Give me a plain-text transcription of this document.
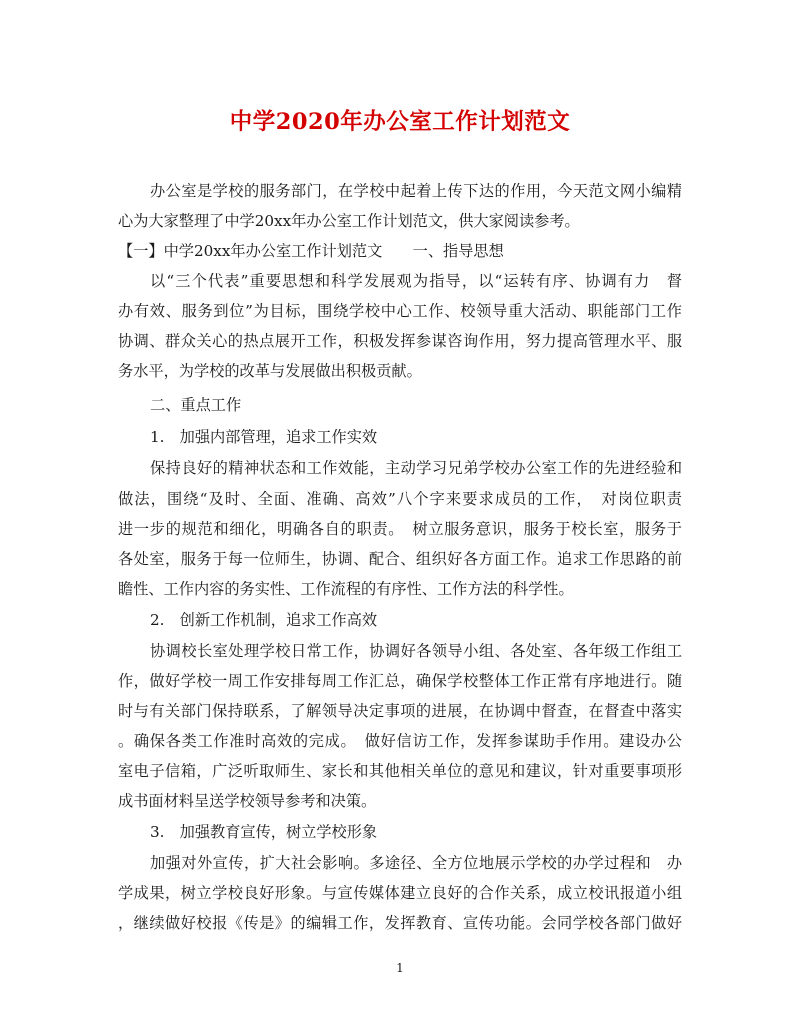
中学2020年办公室工作计划范文
办公室是学校的服务部门，在学校中起着上传下达的作用，今天范文网小编精
心为大家整理了中学20xx年办公室工作计划范文，供大家阅读参考。
【一】中学20xx年办公室工作计划范文　　一、指导思想
以“三个代表”重要思想和科学发展观为指导，以“运转有序、协调有力　督
办有效、服务到位”为目标，围绕学校中心工作、校领导重大活动、职能部门工作
协调、群众关心的热点展开工作，积极发挥参谋咨询作用，努力提高管理水平、服
务水平，为学校的改革与发展做出积极贡献。
二、重点工作
1.　加强内部管理，追求工作实效
保持良好的精神状态和工作效能，主动学习兄弟学校办公室工作的先进经验和
做法，围绕“及时、全面、准确、高效”八个字来要求成员的工作，　对岗位职责
进一步的规范和细化，明确各自的职责。　树立服务意识，服务于校长室，服务于
各处室，服务于每一位师生，协调、配合、组织好各方面工作。追求工作思路的前
瞻性、工作内容的务实性、工作流程的有序性、工作方法的科学性。
2.　创新工作机制，追求工作高效
协调校长室处理学校日常工作，协调好各领导小组、各处室、各年级工作组工
作，做好学校一周工作安排每周工作汇总，确保学校整体工作正常有序地进行。随
时与有关部门保持联系，了解领导决定事项的进展，在协调中督查，在督查中落实
。确保各类工作准时高效的完成。　做好信访工作，发挥参谋助手作用。建设办公
室电子信箱，广泛听取师生、家长和其他相关单位的意见和建议，针对重要事项形
成书面材料呈送学校领导参考和决策。
3.　加强教育宣传，树立学校形象
加强对外宣传，扩大社会影响。多途径、全方位地展示学校的办学过程和　办
学成果，树立学校良好形象。与宣传媒体建立良好的合作关系，成立校讯报道小组
，继续做好校报《传是》的编辑工作，发挥教育、宣传功能。会同学校各部门做好
1
